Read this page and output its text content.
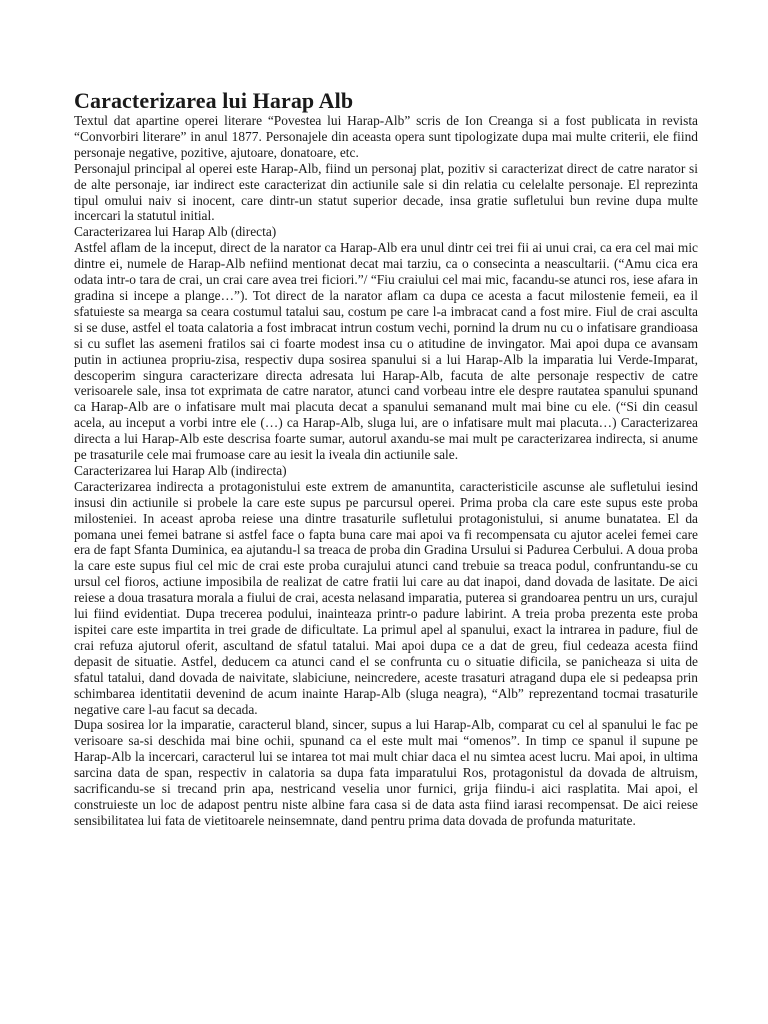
Caracterizarea lui Harap Alb

Textul dat apartine operei literare “Povestea lui Harap-Alb” scris de Ion Creanga si a fost publicata in revista “Convorbiri literare” in anul 1877. Personajele din aceasta opera sunt tipologizate dupa mai multe criterii, ele fiind personaje negative, pozitive, ajutoare, donatoare, etc.

Personajul principal al operei este Harap-Alb, fiind un personaj plat, pozitiv si caracterizat direct de catre narator si de alte personaje, iar indirect este caracterizat din actiunile sale si din relatia cu celelalte personaje. El reprezinta tipul omului naiv si inocent, care dintr-un statut superior decade, insa gratie sufletului bun revine dupa multe incercari la statutul initial.

Caracterizarea lui Harap Alb (directa)

Astfel aflam de la inceput, direct de la narator ca Harap-Alb era unul dintr cei trei fii ai unui crai, ca era cel mai mic dintre ei, numele de Harap-Alb nefiind mentionat decat mai tarziu, ca o consecinta a neascultarii. (“Amu cica era odata intr-o tara de crai, un crai care avea trei ficiori.”/ “Fiu craiului cel mai mic, facandu-se atunci ros, iese afara in gradina si incepe a plange…”). Tot direct de la narator aflam ca dupa ce acesta a facut milostenie femeii, ea il sfatuieste sa mearga sa ceara costumul tatalui sau, costum pe care l-a imbracat cand a fost mire. Fiul de crai asculta si se duse, astfel el toata calatoria a fost imbracat intrun costum vechi, pornind la drum nu cu o infatisare grandioasa si cu suflet las asemeni fratilos sai ci foarte modest insa cu o atitudine de invingator. Mai apoi dupa ce avansam putin in actiunea propriu-zisa, respectiv dupa sosirea spanului si a lui Harap-Alb la imparatia lui Verde-Imparat, descoperim singura caracterizare directa adresata lui Harap-Alb, facuta de alte personaje respectiv de catre verisoarele sale, insa tot exprimata de catre narator, atunci cand vorbeau intre ele despre rautatea spanului spunand ca Harap-Alb are o infatisare mult mai placuta decat a spanului semanand mult mai bine cu ele. (“Si din ceasul acela, au inceput a vorbi intre ele (…) ca Harap-Alb, sluga lui, are o infatisare mult mai placuta…) Caracterizarea directa a lui Harap-Alb este descrisa foarte sumar, autorul axandu-se mai mult pe caracterizarea indirecta, si anume pe trasaturile cele mai frumoase care au iesit la iveala din actiunile sale.

Caracterizarea lui Harap Alb (indirecta)

Caracterizarea indirecta a protagonistului este extrem de amanuntita, caracteristicile ascunse ale sufletului iesind insusi din actiunile si probele la care este supus pe parcursul operei. Prima proba cla care este supus este proba milosteniei. In aceast aproba reiese una dintre trasaturile sufletului protagonistului, si anume bunatatea. El da pomana unei femei batrane si astfel face o fapta buna care mai apoi va fi recompensata cu ajutor acelei femei care era de fapt Sfanta Duminica, ea ajutandu-l sa treaca de proba din Gradina Ursului si Padurea Cerbului. A doua proba la care este supus fiul cel mic de crai este proba curajului atunci cand trebuie sa treaca podul, confruntandu-se cu ursul cel fioros, actiune imposibila de realizat de catre fratii lui care au dat inapoi, dand dovada de lasitate. De aici reiese a doua trasatura morala a fiului de crai, acesta nelasand imparatia, puterea si grandoarea pentru un urs, curajul lui fiind evidentiat. Dupa trecerea podului, inainteaza printr-o padure labirint. A treia proba prezenta este proba ispitei care este impartita in trei grade de dificultate. La primul apel al spanului, exact la intrarea in padure, fiul de crai refuza ajutorul oferit, ascultand de sfatul tatalui. Mai apoi dupa ce a dat de greu, fiul cedeaza acesta fiind depasit de situatie. Astfel, deducem ca atunci cand el se confrunta cu o situatie dificila, se panicheaza si uita de sfatul tatalui, dand dovada de naivitate, slabiciune, neincredere, aceste trasaturi atragand dupa ele si pedeapsa prin schimbarea identitatii devenind de acum inainte Harap-Alb (sluga neagra), “Alb” reprezentand tocmai trasaturile negative care l-au facut sa decada.

Dupa sosirea lor la imparatie, caracterul bland, sincer, supus a lui Harap-Alb, comparat cu cel al spanului le fac pe verisoare sa-si deschida mai bine ochii, spunand ca el este mult mai “omenos”. In timp ce spanul il supune pe Harap-Alb la incercari, caracterul lui se intarea tot mai mult chiar daca el nu simtea acest lucru. Mai apoi, in ultima sarcina data de span, respectiv in calatoria sa dupa fata imparatului Ros, protagonistul da dovada de altruism, sacrificandu-se si trecand prin apa, nestricand veselia unor furnici, grija fiindu-i aici rasplatita. Mai apoi, el construieste un loc de adapost pentru niste albine fara casa si de data asta fiind iarasi recompensat. De aici reiese sensibilitatea lui fata de vietitoarele neinsemnate, dand pentru prima data dovada de profunda maturitate.
